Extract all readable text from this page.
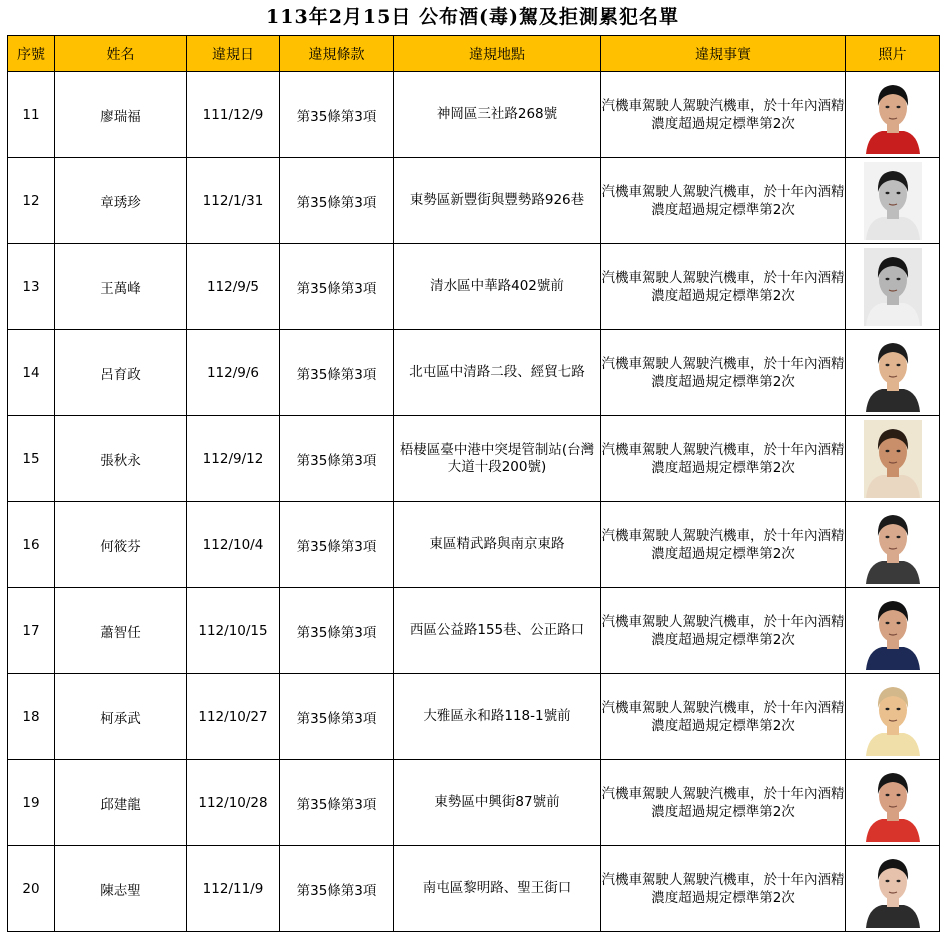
113年2月15日 公布酒(毒)駕及拒測累犯名單
序號	姓名	違規日	違規條款	違規地點	違規事實	照片
11	廖瑞福	111/12/9	第35條第3項	神岡區三社路268號	汽機車駕駛人駕駛汽機車，於十年內酒精濃度超過規定標準第2次	

12	章琇珍	112/1/31	第35條第3項	東勢區新豐街與豐勢路926巷	汽機車駕駛人駕駛汽機車，於十年內酒精濃度超過規定標準第2次	

13	王萬峰	112/9/5	第35條第3項	清水區中華路402號前	汽機車駕駛人駕駛汽機車，於十年內酒精濃度超過規定標準第2次	

14	呂育政	112/9/6	第35條第3項	北屯區中清路二段、經貿七路	汽機車駕駛人駕駛汽機車，於十年內酒精濃度超過規定標準第2次	

15	張秋永	112/9/12	第35條第3項	梧棲區臺中港中突堤管制站(台灣大道十段200號)	汽機車駕駛人駕駛汽機車，於十年內酒精濃度超過規定標準第2次	

16	何筱芬	112/10/4	第35條第3項	東區精武路與南京東路	汽機車駕駛人駕駛汽機車，於十年內酒精濃度超過規定標準第2次	

17	蕭智任	112/10/15	第35條第3項	西區公益路155巷、公正路口	汽機車駕駛人駕駛汽機車，於十年內酒精濃度超過規定標準第2次	

18	柯承武	112/10/27	第35條第3項	大雅區永和路118-1號前	汽機車駕駛人駕駛汽機車，於十年內酒精濃度超過規定標準第2次	

19	邱建龍	112/10/28	第35條第3項	東勢區中興街87號前	汽機車駕駛人駕駛汽機車，於十年內酒精濃度超過規定標準第2次	

20	陳志聖	112/11/9	第35條第3項	南屯區黎明路、聖王街口	汽機車駕駛人駕駛汽機車，於十年內酒精濃度超過規定標準第2次	
